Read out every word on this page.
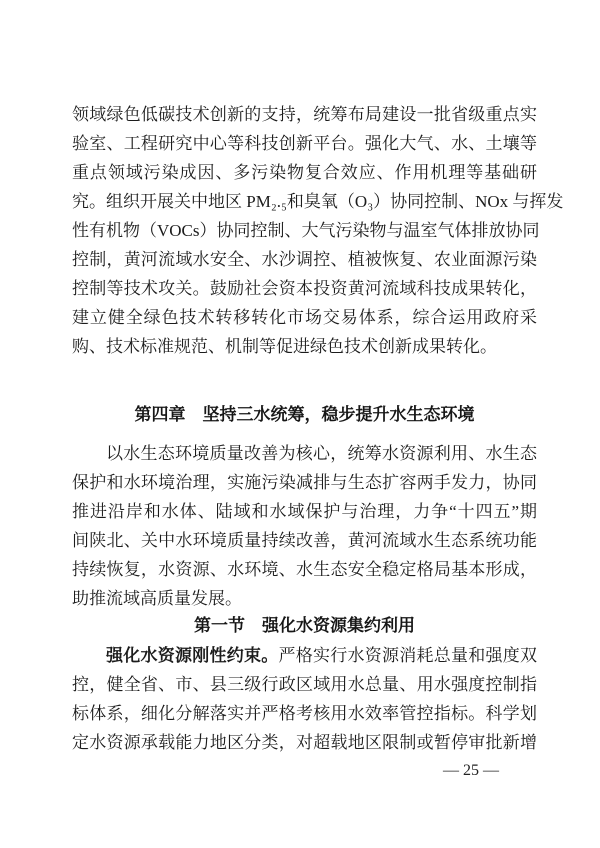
领域绿色低碳技术创新的支持，统筹布局建设一批省级重点实
验室、工程研究中心等科技创新平台。强化大气、水、土壤等
重点领域污染成因、多污染物复合效应、作用机理等基础研
究。组织开展关中地区 PM₂.₅和臭氧（O₃）协同控制、NOx 与挥发
性有机物（VOCs）协同控制、大气污染物与温室气体排放协同
控制，黄河流域水安全、水沙调控、植被恢复、农业面源污染
控制等技术攻关。鼓励社会资本投资黄河流域科技成果转化，
建立健全绿色技术转移转化市场交易体系，综合运用政府采
购、技术标准规范、机制等促进绿色技术创新成果转化。
第四章　坚持三水统筹，稳步提升水生态环境
以水生态环境质量改善为核心，统筹水资源利用、水生态
保护和水环境治理，实施污染减排与生态扩容两手发力，协同
推进沿岸和水体、陆域和水域保护与治理，力争“十四五”期
间陕北、关中水环境质量持续改善，黄河流域水生态系统功能
持续恢复，水资源、水环境、水生态安全稳定格局基本形成，
助推流域高质量发展。
第一节　强化水资源集约利用
强化水资源刚性约束。严格实行水资源消耗总量和强度双
控，健全省、市、县三级行政区域用水总量、用水强度控制指
标体系，细化分解落实并严格考核用水效率管控指标。科学划
定水资源承载能力地区分类，对超载地区限制或暂停审批新增
— 25 —
